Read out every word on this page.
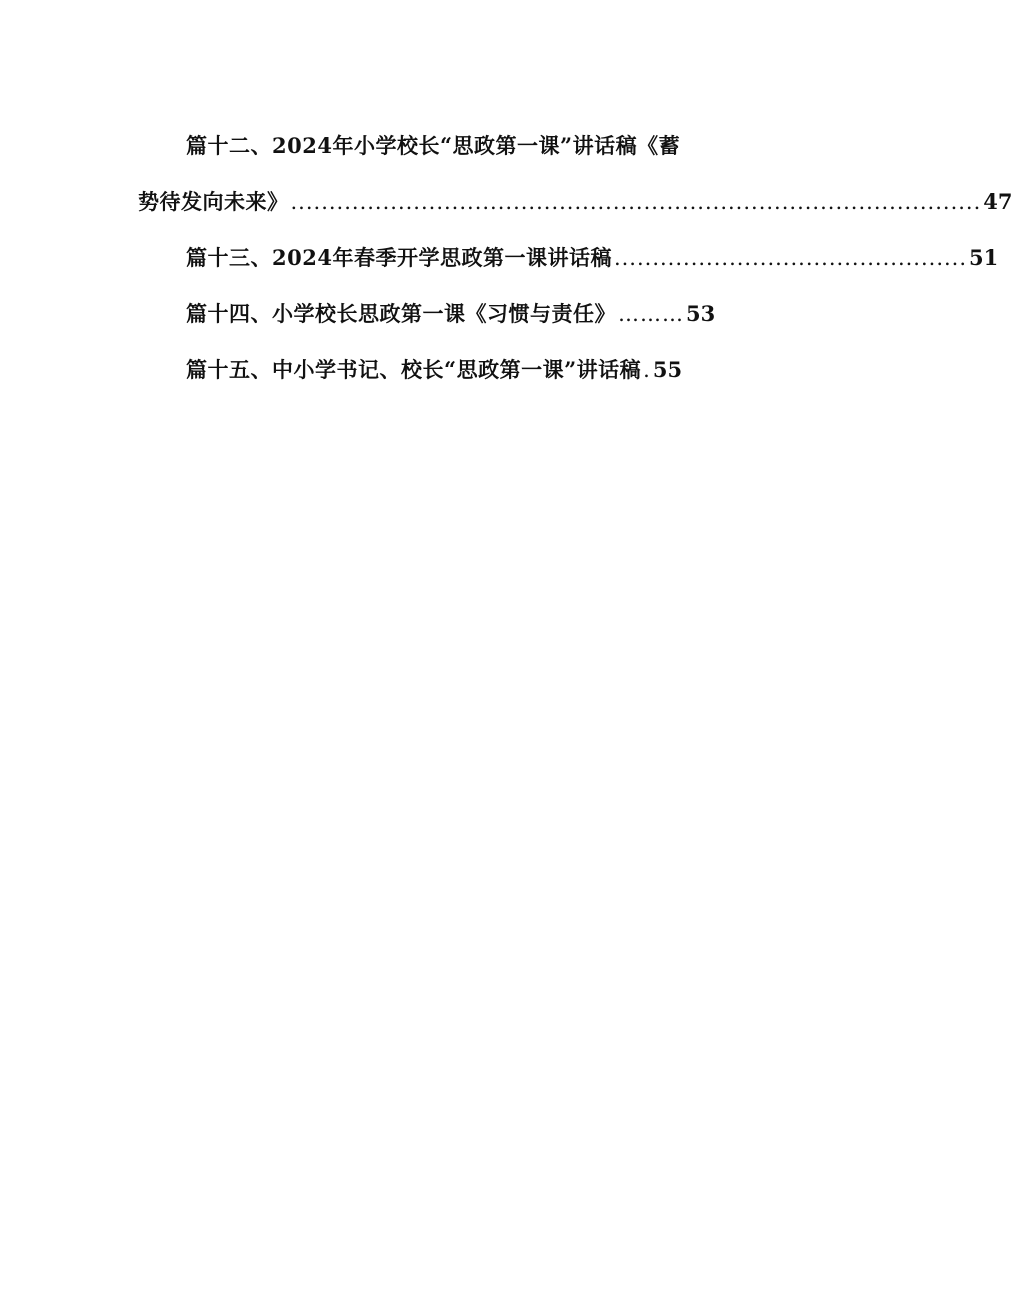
篇十二、2024年小学校长“思政第一课”讲话稿《蓄
势待发向未来》 .......................................................................................... 47
篇十三、2024年春季开学思政第一课讲话稿 .............................................. 51
篇十四、小学校长思政第一课《习惯与责任》 ……… 53
篇十五、中小学书记、校长“思政第一课”讲话稿 . 55
